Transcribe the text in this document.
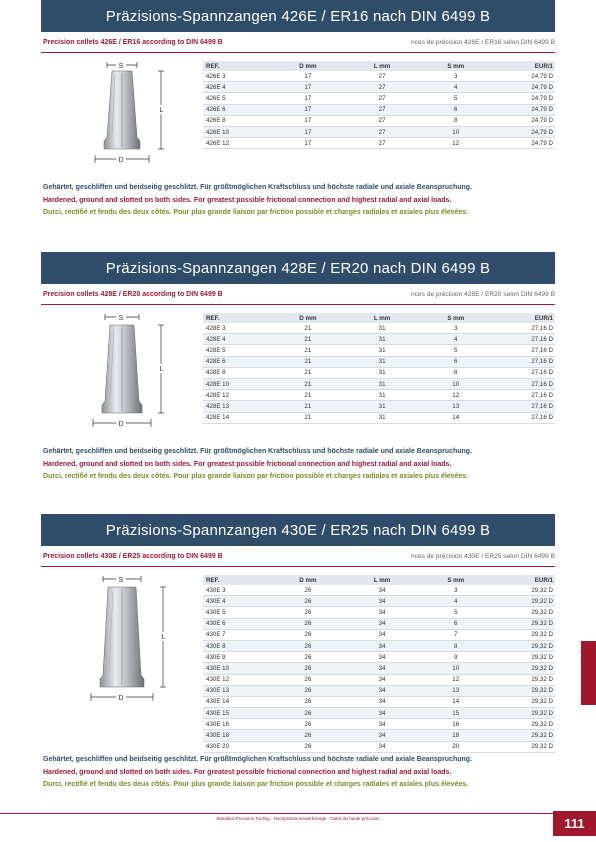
Präzisions-Spannzangen 426E / ER16 nach DIN 6499 B
Precision collets 426E / ER16 according to DIN 6499 B	nces de précision 426E / ER16 selon DIN 6499 B
S
L
D
REF.	D mm	L mm	S mm	EUR/1
426E 3	17	27	3	24,79 D
426E 4	17	27	4	24,79 D
426E 5	17	27	5	24,79 D
426E 6	17	27	6	24,79 D
426E 8	17	27	8	24,79 D
426E 10	17	27	10	24,79 D
426E 12	17	27	12	24,79 D
Gehärtet, geschliffen und beidseitig geschlitzt. Für größtmöglichen Kraftschluss und höchste radiale und axiale Beanspruchung.
Hardened, ground and slotted on both sides. For greatest possible frictional connection and highest radial and axial loads.
Durci, rectifié et fendu des deux côtés. Pour plus grande liaison par friction possible et charges radiales et axiales plus élevées.
Präzisions-Spannzangen 428E / ER20 nach DIN 6499 B
Precision collets 428E / ER20 according to DIN 6499 B	nces de précision 428E / ER20 selon DIN 6499 B
S
L
D
REF.	D mm	L mm	S mm	EUR/1
428E 3	21	31	3	27,16 D
428E 4	21	31	4	27,16 D
428E 5	21	31	5	27,16 D
428E 6	21	31	6	27,16 D
428E 8	21	31	8	27,16 D
428E 10	21	31	10	27,16 D
428E 12	21	31	12	27,16 D
428E 13	21	31	13	27,16 D
428E 14	21	31	14	27,16 D
Gehärtet, geschliffen und beidseitig geschlitzt. Für größtmöglichen Kraftschluss und höchste radiale und axiale Beanspruchung.
Hardened, ground and slotted on both sides. For greatest possible frictional connection and highest radial and axial loads.
Durci, rectifié et fendu des deux côtés. Pour plus grande liaison par friction possible et charges radiales et axiales plus élevées.
Präzisions-Spannzangen 430E / ER25 nach DIN 6499 B
Precision collets 430E / ER25 according to DIN 6499 B	nces de précision 430E / ER25 selon DIN 6499 B
S
L
D
REF.	D mm	L mm	S mm	EUR/1
430E 3	26	34	3	29,32 D
430E 4	26	34	4	29,32 D
430E 5	26	34	5	29,32 D
430E 6	26	34	6	29,32 D
430E 7	26	34	7	29,32 D
430E 8	26	34	8	29,32 D
430E 9	26	34	9	29,32 D
430E 10	26	34	10	29,32 D
430E 12	26	34	12	29,32 D
430E 13	26	34	13	29,32 D
430E 14	26	34	14	29,32 D
430E 15	26	34	15	29,32 D
430E 16	26	34	16	29,32 D
430E 18	26	34	18	29,32 D
430E 20	26	34	20	29,32 D
Gehärtet, geschliffen und beidseitig geschlitzt. Für größtmöglichen Kraftschluss und höchste radiale und axiale Beanspruchung.
Hardened, ground and slotted on both sides. For greatest possible frictional connection and highest radial and axial loads.
Durci, rectifié et fendu des deux côtés. Pour plus grande liaison par friction possible et charges radiales et axiales plus élevées.
Standard Precision Tooling · Hochpräzisionswerkzeuge · Outils de haute précision	111
